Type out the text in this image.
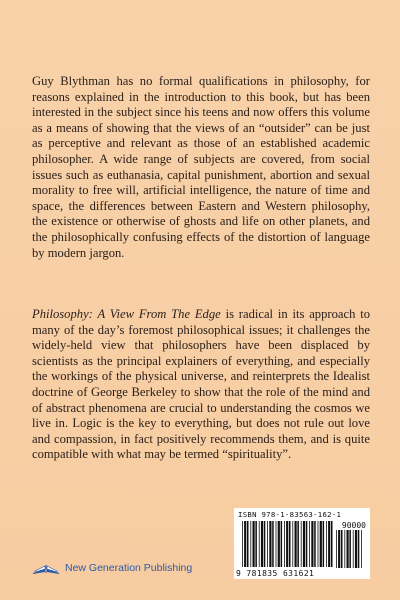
Guy Blythman has no formal qualifications in philosophy, for reasons explained in the introduction to this book, but has been interested in the subject since his teens and now offers this volume as a means of showing that the views of an “outsider” can be just as perceptive and relevant as those of an established academic philosopher. A wide range of subjects are covered, from social issues such as euthanasia, capital punishment, abortion and sexual morality to free will, artificial intelligence, the nature of time and space, the differences between Eastern and Western philosophy, the existence or otherwise of ghosts and life on other planets, and the philosophically confusing effects of the distortion of language by modern jargon.

Philosophy: A View From The Edge is radical in its approach to many of the day’s foremost philosophical issues; it challenges the widely-held view that philosophers have been displaced by scientists as the principal explainers of everything, and especially the workings of the physical universe, and reinterprets the Idealist doctrine of George Berkeley to show that the role of the mind and of abstract phenomena are crucial to understanding the cosmos we live in. Logic is the key to everything, but does not rule out love and compassion, in fact positively recommends them, and is quite compatible with what may be termed “spirituality”.

ISBN 978-1-83563-162-1
90000
9 781835 631621
New Generation Publishing
